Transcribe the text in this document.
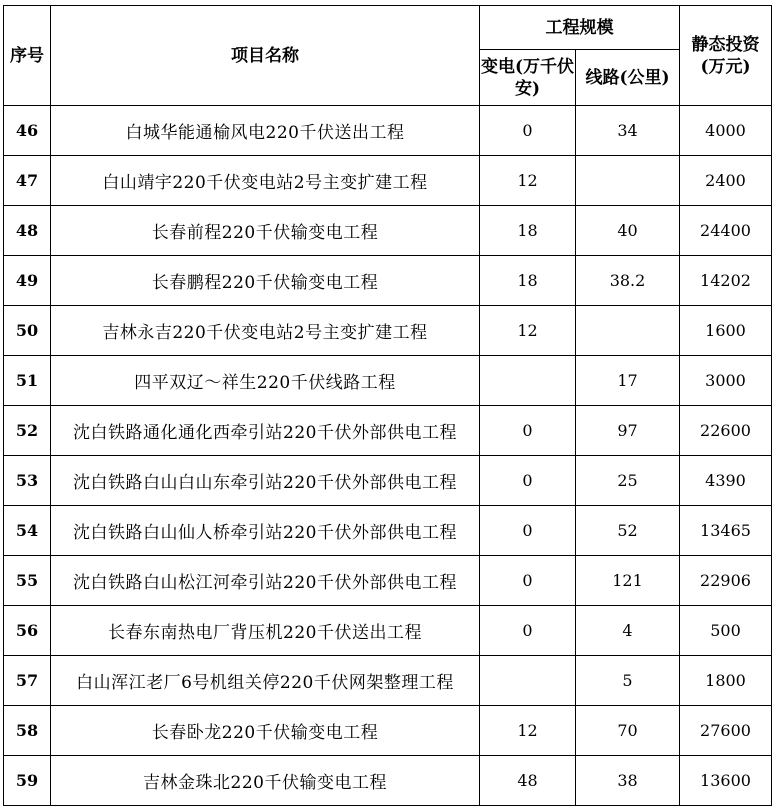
序号	项目名称	工程规模		静态投资(万元)
		变电(万千伏安)	线路(公里)	
46	白城华能通榆风电220千伏送出工程	0	34	4000
47	白山靖宇220千伏变电站2号主变扩建工程	12		2400
48	长春前程220千伏输变电工程	18	40	24400
49	长春鹏程220千伏输变电工程	18	38.2	14202
50	吉林永吉220千伏变电站2号主变扩建工程	12		1600
51	四平双辽～祥生220千伏线路工程		17	3000
52	沈白铁路通化通化西牵引站220千伏外部供电工程	0	97	22600
53	沈白铁路白山白山东牵引站220千伏外部供电工程	0	25	4390
54	沈白铁路白山仙人桥牵引站220千伏外部供电工程	0	52	13465
55	沈白铁路白山松江河牵引站220千伏外部供电工程	0	121	22906
56	长春东南热电厂背压机220千伏送出工程	0	4	500
57	白山浑江老厂6号机组关停220千伏网架整理工程		5	1800
58	长春卧龙220千伏输变电工程	12	70	27600
59	吉林金珠北220千伏输变电工程	48	38	13600
